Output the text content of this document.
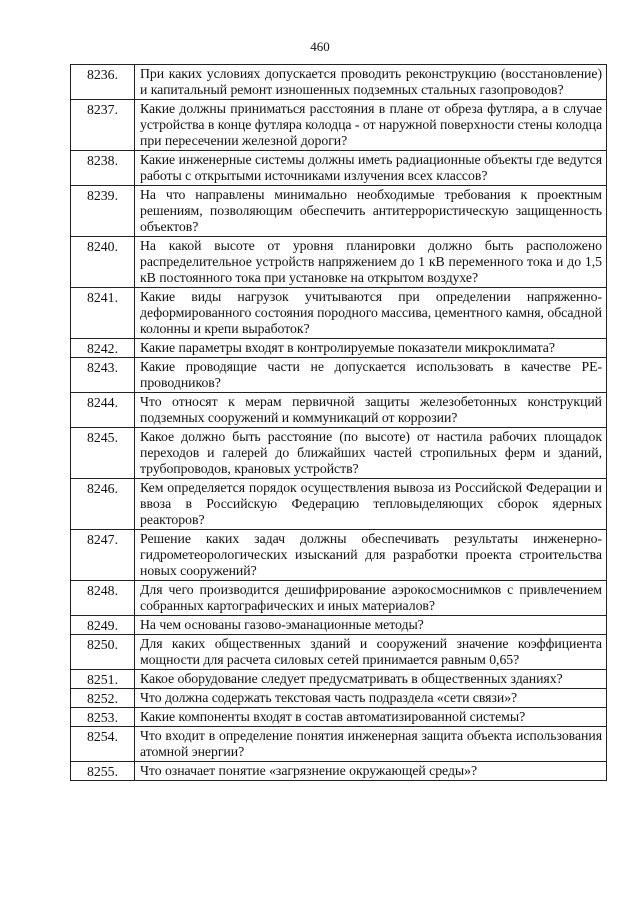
460
8236.	При каких условиях допускается проводить реконструкцию (восстановление) и капитальный ремонт изношенных подземных стальных газопроводов?
8237.	Какие должны приниматься расстояния в плане от обреза футляра, а в случае устройства в конце футляра колодца - от наружной поверхности стены колодца при пересечении железной дороги?
8238.	Какие инженерные системы должны иметь радиационные объекты где ведутся работы с открытыми источниками излучения всех классов?
8239.	На что направлены минимально необходимые требования к проектным решениям, позволяющим обеспечить антитеррористическую защищенность объектов?
8240.	На какой высоте от уровня планировки должно быть расположено распределительное устройств напряжением до 1 кВ переменного тока и до 1,5 кВ постоянного тока при установке на открытом воздухе?
8241.	Какие виды нагрузок учитываются при определении напряженно-деформированного состояния породного массива, цементного камня, обсадной колонны и крепи выработок?
8242.	Какие параметры входят в контролируемые показатели микроклимата?
8243.	Какие проводящие части не допускается использовать в качестве РЕ-проводников?
8244.	Что относят к мерам первичной защиты железобетонных конструкций подземных сооружений и коммуникаций от коррозии?
8245.	Какое должно быть расстояние (по высоте) от настила рабочих площадок переходов и галерей до ближайших частей стропильных ферм и зданий, трубопроводов, крановых устройств?
8246.	Кем определяется порядок осуществления вывоза из Российской Федерации и ввоза в Российскую Федерацию тепловыделяющих сборок ядерных реакторов?
8247.	Решение каких задач должны обеспечивать результаты инженерно-гидрометеорологических изысканий для разработки проекта строительства новых сооружений?
8248.	Для чего производится дешифрирование аэрокосмоснимков с привлечением собранных картографических и иных материалов?
8249.	На чем основаны газово-эманационные методы?
8250.	Для каких общественных зданий и сооружений значение коэффициента мощности для расчета силовых сетей принимается равным 0,65?
8251.	Какое оборудование следует предусматривать в общественных зданиях?
8252.	Что должна содержать текстовая часть подраздела «сети связи»?
8253.	Какие компоненты входят в состав автоматизированной системы?
8254.	Что входит в определение понятия инженерная защита объекта использования атомной энергии?
8255.	Что означает понятие «загрязнение окружающей среды»?
